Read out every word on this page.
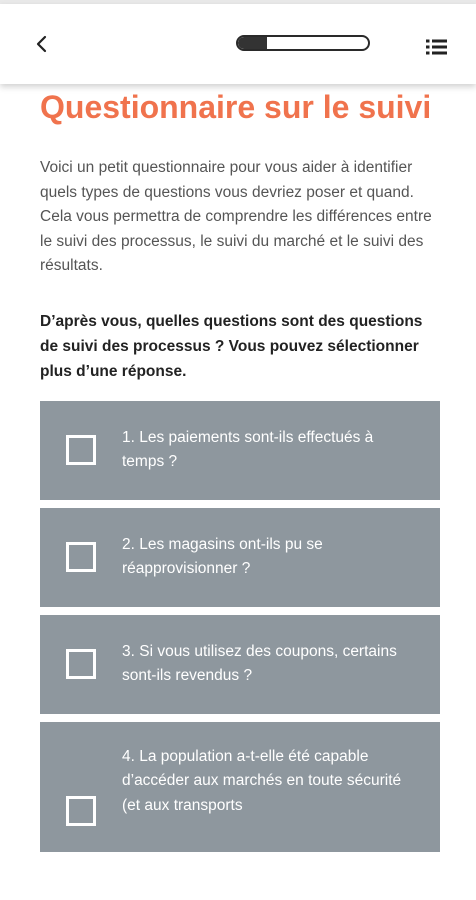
Questionnaire sur le suivi

Voici un petit questionnaire pour vous aider à identifier quels types de questions vous devriez poser et quand. Cela vous permettra de comprendre les différences entre le suivi des processus, le suivi du marché et le suivi des résultats.

D’après vous, quelles questions sont des questions de suivi des processus ? Vous pouvez sélectionner plus d’une réponse.

1. Les paiements sont-ils effectués à temps ?
2. Les magasins ont-ils pu se réapprovisionner ?
3. Si vous utilisez des coupons, certains sont-ils revendus ?
4. La population a-t-elle été capable d’accéder aux marchés en toute sécurité (et aux transports
